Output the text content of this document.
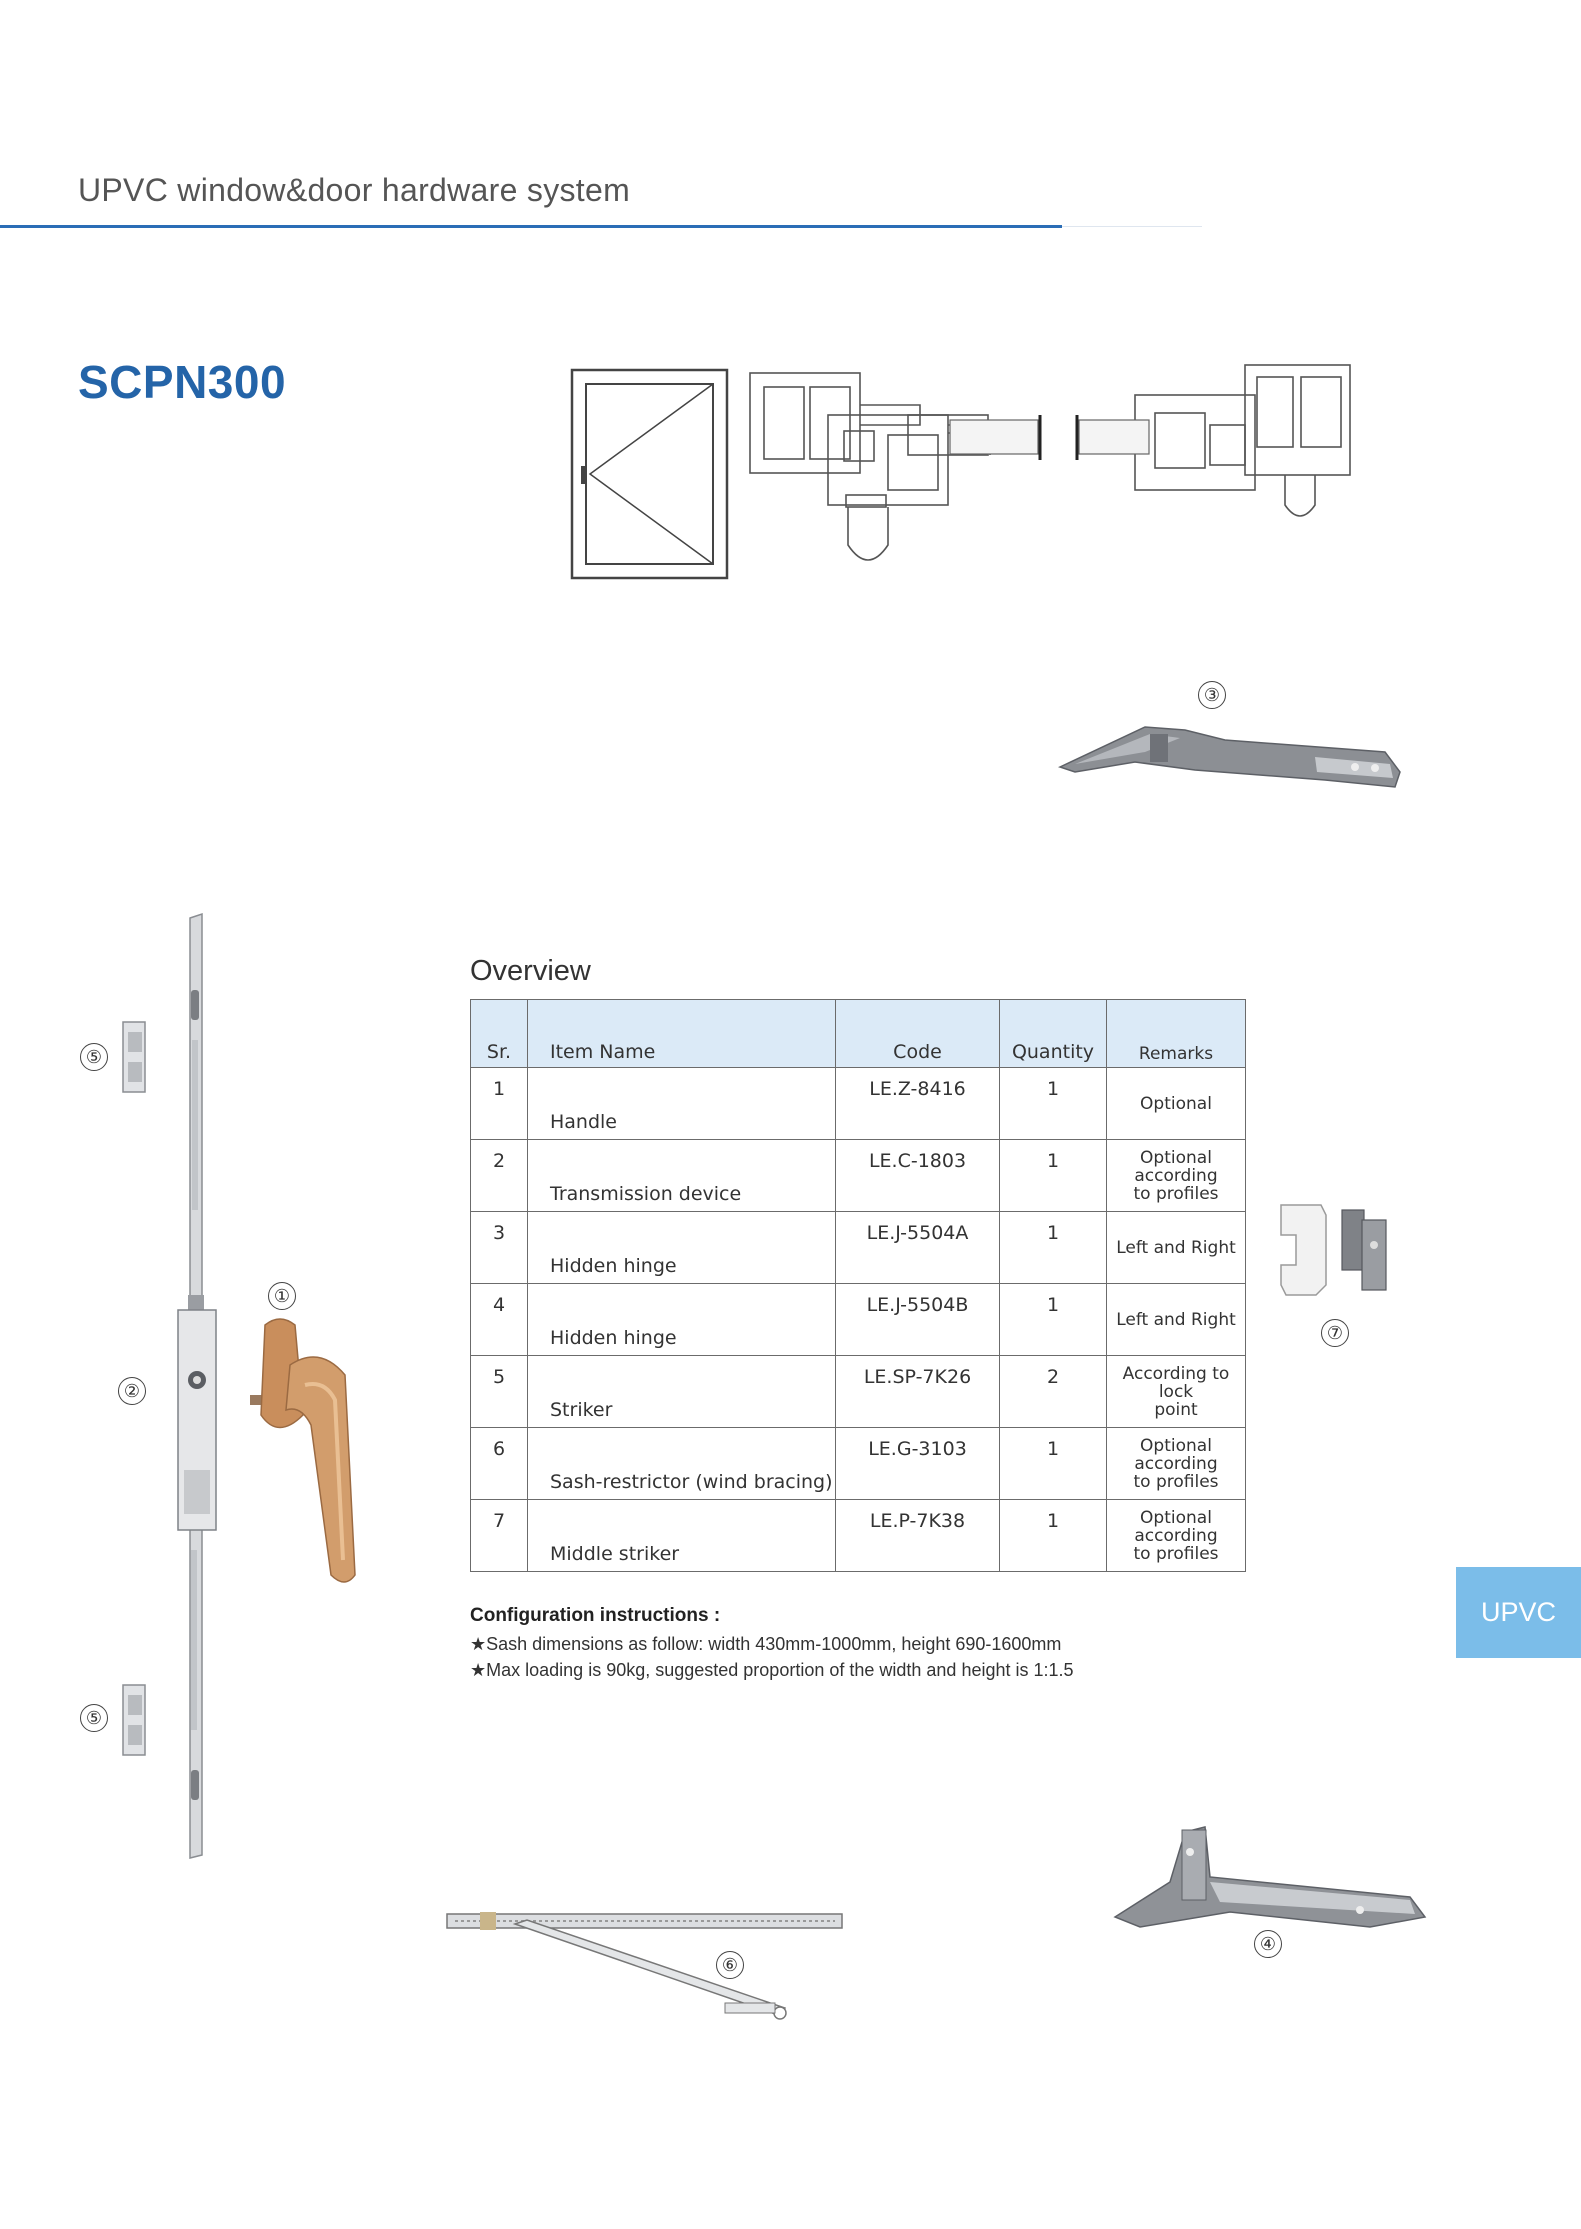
UPVC window&door hardware system
SCPN300
③
②
⑤
⑤
①
Overview
Sr.	Item Name	Code	Quantity	Remarks
1	Handle	LE.Z-8416	1	Optional

2	Transmission device	LE.C-1803	1	Optional according
to profiles

3	Hidden hinge	LE.J-5504A	1	Left and Right

4	Hidden hinge	LE.J-5504B	1	Left and Right

5	Striker	LE.SP-7K26	2	According to lock
point

6	Sash-restrictor (wind bracing)	LE.G-3103	1	Optional according
to profiles

7	Middle striker	LE.P-7K38	1	Optional according
to profiles
⑦
UPVC
Configuration instructions :
★Sash dimensions as follow: width 430mm-1000mm, height 690-1600mm
★Max loading is 90kg, suggested proportion of the width and height is 1:1.5
⑥
④
